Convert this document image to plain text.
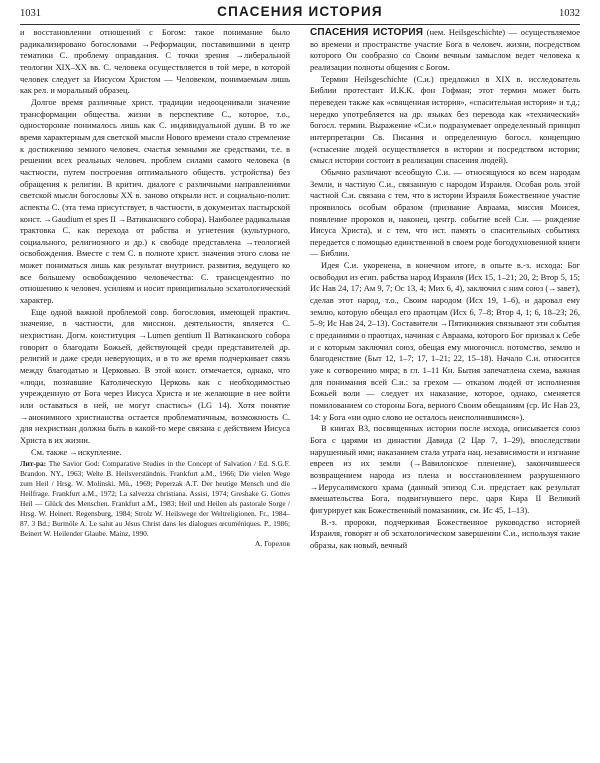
1031	СПАСЕНИЯ ИСТОРИЯ	1032

и восстановлении отношений с Богом: такое понимание было радикализировано богословами →Реформации, поставившими в центр тематики С. проблему оправдания. С точки зрения →либеральной теологии XIX–XX вв. С. человека осуществляется в той мере, в которой человек следует за Иисусом Христом — Человеком, понимаемым лишь как рел. и моральный образец.

Долгое время различные христ. традиции недооценивали значение трансформации общества. жизни в перспективе С., которое, т.о., односторонне понималось лишь как С. индивидуальной души. В то же время характерным для светской мысли Нового времени стало стремление к достижению земного человеч. счастья земными же средствами, т.е. в решении всех реальных человеч. проблем силами самого человека (в частности, путем построения оптимального обществ. устройства) без обращения к религии. В критич. диалоге с различными направлениями светской мысли богословы XX в. заново открыли ист. и социально-полит. аспекты С. (эта тема присутствует, в частности, в документах пастырской конст. →Gaudium et spes II →Ватиканского собора). Наиболее радикальная трактовка С. как перехода от рабства и угнетения (культурного, социального, религиозного и др.) к свободе представлена →теологией освобождения. Вместе с тем С. в полноте христ. значения этого слова не может пониматься лишь как результат внутриист. развития, ведущего ко все большему освобождению человечества: С. трансцендентно по отношению к человеч. усилиям и носит принципиально эсхатологический характер.

Еще одной важной проблемой совр. богословия, имеющей практич. значение, в частности, для миссион. деятельности, является С. нехристиан. Догм. конституция →Lumen gentium II Ватиканского собора говорит о благодати Божьей, действующей среди представителей др. религий и даже среди неверующих, и в то же время подчеркивает связь между благодатью и Церковью. В этой конст. отмечается, однако, что «люди, познавшие Католическую Церковь как с необходимостью учрежденную от Бога через Иисуса Христа и не желающие в нее войти или оставаться в ней, не могут спастись» (LG 14). Хотя понятие →анонимного христианства остается проблематичным, возможность С. для нехристиан должна быть в какой-то мере связана с действием Иисуса Христа в их жизни.

См. также →искупление.

Лит-ра: The Savior God: Comparative Studies in the Concept of Salvation / Ed. S.G.F. Brandon. NY., 1963; Welte B. Heilsverständnis. Frankfurt a.M., 1966; Die vielen Wege zum Heil / Hrsg. W. Molinski. Mü., 1969; Peperzak A.T. Der heutige Mensch und die Heilfrage. Frankfurt a.M., 1972; La salvezza christiana. Assisi, 1974; Greshake G. Gottes Heil — Glück des Menschen. Frankfurt a.M., 1983; Heil und Heilen als pastorale Sorge / Hrsg. W. Heinert. Regensburg, 1984; Strolz W. Heilswege der Weltreligionen. Fr., 1984–87. 3 Bd.; Burmöle A. Le salut au Jésus Christ dans les dialogues œcuméniques. P., 1986; Beinert W. Heilender Glaube. Mainz, 1990.

А. Горелов

СПАСЕ́НИЯ ИСТО́РИЯ (нем. Heilsgeschichte) — осуществляемое во времени и пространстве участие Бога в человеч. жизни, посредством которого Он сообразно со Своим вечным замыслом ведет человека к реализации полноты общения с Богом.

Термин Heilsgeschichte (С.и.) предложил в XIX в. исследователь Библии протестант И.К.К. фон Гофман; этот термин может быть переведен также как «священная история», «спасительная история» и т.д.; нередко употребляется на др. языках без перевода как «технический» богосл. термин. Выражение «С.и.» подразумевает определенный принцип интерпретации Св. Писания и определенную богосл. концепцию («спасение людей осуществляется в истории и посредством истории; смысл истории состоит в реализации спасения людей).

Обычно различают всеобщую С.и. — относящуюся ко всем народам Земли, и частную С.и., связанную с народом Израиля. Особая роль этой частной С.и. связана с тем, что в истории Израиля Божественное участие проявилось особым образом (призвание Авраама, миссия Моисея, появление пророков и, наконец, центр. событие всей С.и. — рождение Иисуса Христа), и с тем, что ист. память о спасительных событиях передается с помощью единственной в своем роде богодухновенной книги — Библии.

Идея С.и. укоренена, в конечном итоге, в опыте в.-з. исхода: Бог освободил из егип. рабства народ Израиля (Исх 15, 1–21; 20, 2; Втор 5, 15; Ис Нав 24, 17; Ам 9, 7; Ос 13, 4; Мих 6, 4), заключил с ним союз (→завет), сделав этот народ, т.о., Своим народом (Исх 19, 1–6), и даровал ему землю, которую обещал его праотцам (Исх 6, 7–8; Втор 4, 1; 6, 18–23; 26, 5–9; Ис Нав 24, 2–13). Составители →Пятикнижия связывают эти события с преданиями о праотцах, начиная с Авраама, которого Бог призвал к Себе и с которым заключил союз, обещая ему многочисл. потомство, землю и благоденствие (Быт 12, 1–7; 17, 1–21; 22, 15–18). Начало С.и. относится уже к сотворению мира; в гл. 1–11 Кн. Бытия запечатлена схема, важная для понимания всей С.и.: за грехом — отказом людей от исполнения Божьей воли — следует их наказание, которое, однако, сменяется помилованием со стороны Бога, верного Своим обещаниям (ср. Ис Нав 23, 14: у Бога «ни одно слово не осталось неисполнившимся»).

В книгах ВЗ, посвященных истории после исхода, описывается союз Бога с царями из династии Давида (2 Цар 7, 1–29), впоследствии нарушенный ими; наказанием стала утрата нац. независимости и изгнание евреев из их земли (→Вавилонское пленение), закончившееся возвращением народа из плена и восстановлением разрушенного →Иерусалимского храма (данный эпизод С.и. предстает как результат вмешательства Бога, подвигнувшего перс. царя Кира II Великий фигурирует как Божественный помазанник, см. Ис 45, 1–13).

В.-з. пророки, подчеркивая Божественное руководство историей Израиля, говорят и об эсхатологическом завершении С.и., используя такие образы, как новый, вечный
